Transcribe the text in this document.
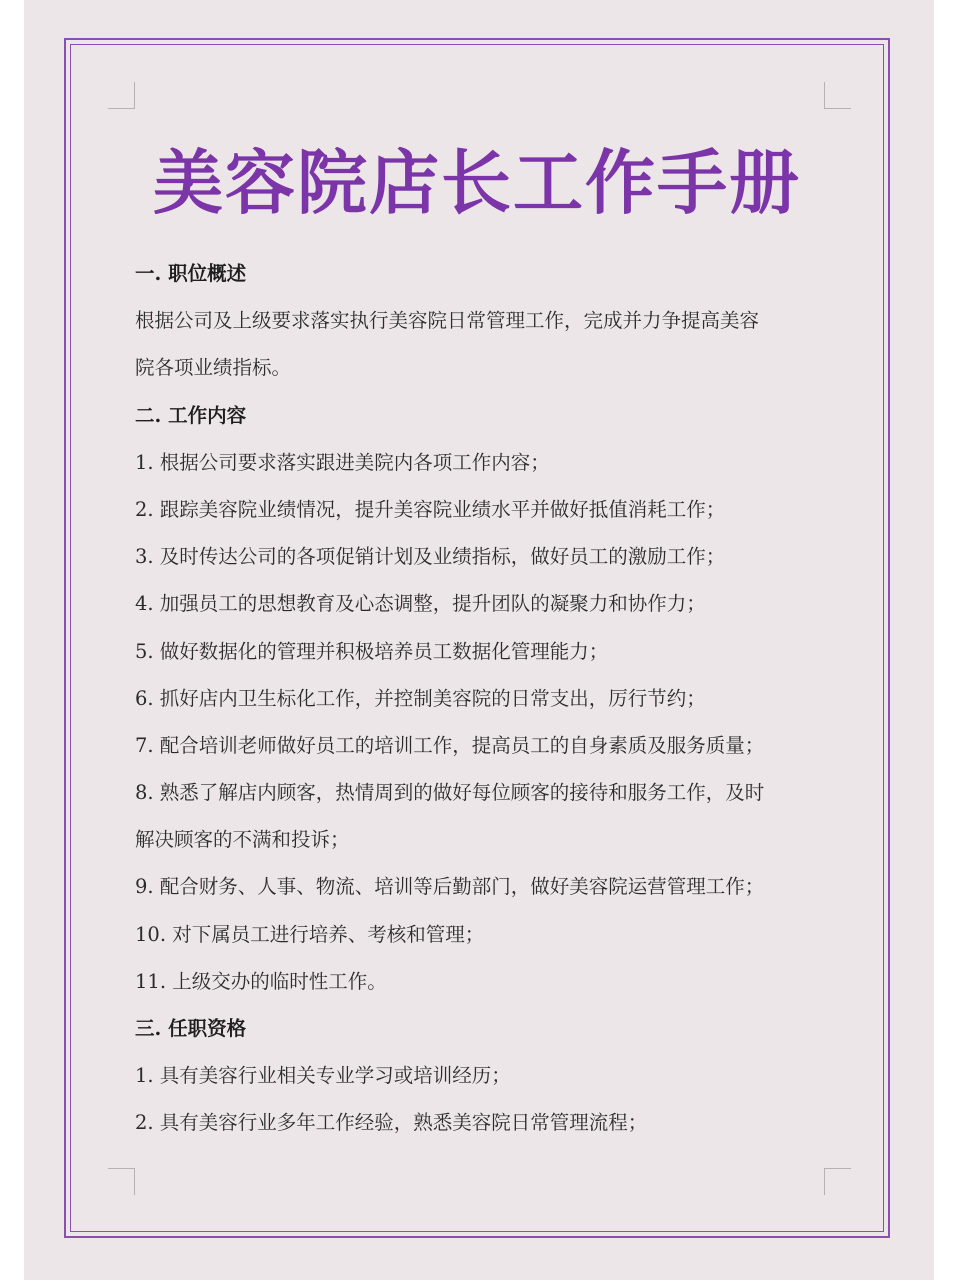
美容院店长工作手册
一. 职位概述
根据公司及上级要求落实执行美容院日常管理工作，完成并力争提高美容
院各项业绩指标。
二. 工作内容
1. 根据公司要求落实跟进美院内各项工作内容；
2. 跟踪美容院业绩情况，提升美容院业绩水平并做好抵值消耗工作；
3. 及时传达公司的各项促销计划及业绩指标，做好员工的激励工作；
4. 加强员工的思想教育及心态调整，提升团队的凝聚力和协作力；
5. 做好数据化的管理并积极培养员工数据化管理能力；
6. 抓好店内卫生标化工作，并控制美容院的日常支出，厉行节约；
7. 配合培训老师做好员工的培训工作，提高员工的自身素质及服务质量；
8. 熟悉了解店内顾客，热情周到的做好每位顾客的接待和服务工作，及时
解决顾客的不满和投诉；
9. 配合财务、人事、物流、培训等后勤部门，做好美容院运营管理工作；
10. 对下属员工进行培养、考核和管理；
11. 上级交办的临时性工作。
三. 任职资格
1. 具有美容行业相关专业学习或培训经历；
2. 具有美容行业多年工作经验，熟悉美容院日常管理流程；
